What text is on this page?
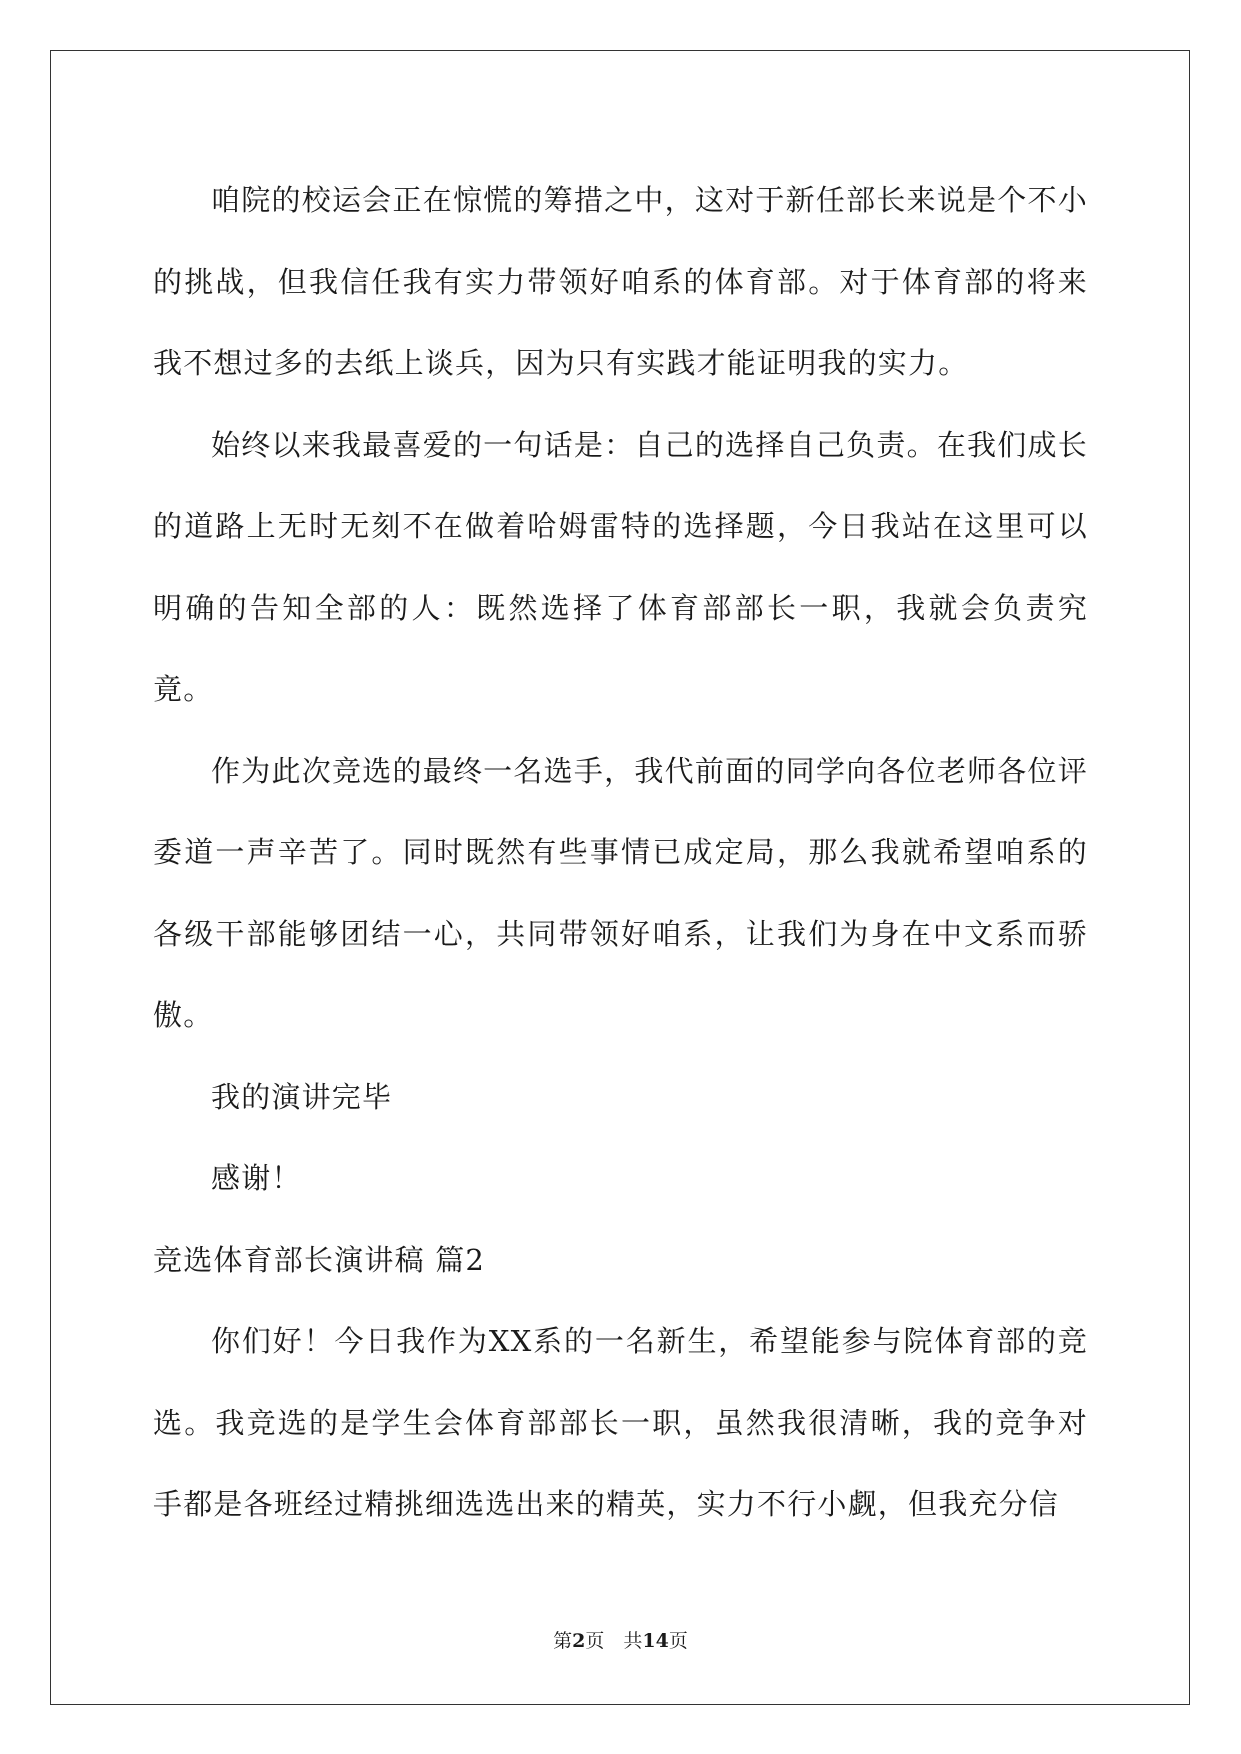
咱院的校运会正在惊慌的筹措之中，这对于新任部长来说是个不小的挑战，但我信任我有实力带领好咱系的体育部。对于体育部的将来我不想过多的去纸上谈兵，因为只有实践才能证明我的实力。

始终以来我最喜爱的一句话是：自己的选择自己负责。在我们成长的道路上无时无刻不在做着哈姆雷特的选择题，今日我站在这里可以明确的告知全部的人：既然选择了体育部部长一职，我就会负责究竟。

作为此次竞选的最终一名选手，我代前面的同学向各位老师各位评委道一声辛苦了。同时既然有些事情已成定局，那么我就希望咱系的各级干部能够团结一心，共同带领好咱系，让我们为身在中文系而骄傲。

我的演讲完毕

感谢！

竞选体育部长演讲稿 篇2

你们好！今日我作为XX系的一名新生，希望能参与院体育部的竞选。我竞选的是学生会体育部部长一职，虽然我很清晰，我的竞争对手都是各班经过精挑细选选出来的精英，实力不行小觑，但我充分信

第2页　共14页
